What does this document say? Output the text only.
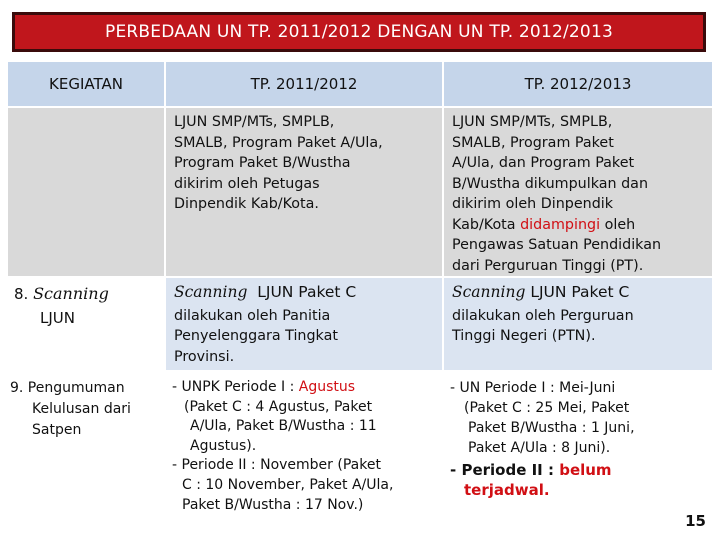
PERBEDAAN UN TP. 2011/2012 DENGAN UN TP. 2012/2013
KEGIATAN	TP. 2011/2012	TP. 2012/2013
LJUN SMP/MTs, SMPLB,
SMALB, Program Paket A/Ula,
Program Paket B/Wustha
dikirim oleh Petugas
Dinpendik Kab/Kota.
LJUN SMP/MTs, SMPLB,
SMALB, Program Paket
A/Ula, dan Program Paket
B/Wustha dikumpulkan dan
dikirim oleh Dinpendik
Kab/Kota didampingi oleh
Pengawas Satuan Pendidikan
dari Perguruan Tinggi (PT).
8. Scanning
LJUN
Scanning LJUN Paket C
dilakukan oleh Panitia
Penyelenggara Tingkat
Provinsi.
Scanning LJUN Paket C
dilakukan oleh Perguruan
Tinggi Negeri (PTN).
9. Pengumuman
Kelulusan dari
Satpen
- UNPK Periode I : Agustus
(Paket C : 4 Agustus, Paket
A/Ula, Paket B/Wustha : 11
Agustus).
- Periode II : November (Paket
C : 10 November, Paket A/Ula,
Paket B/Wustha : 17 Nov.)
- UN Periode I : Mei-Juni
(Paket C : 25 Mei, Paket
Paket B/Wustha : 1 Juni,
Paket A/Ula : 8 Juni).
- Periode II : belum
terjadwal.
15
